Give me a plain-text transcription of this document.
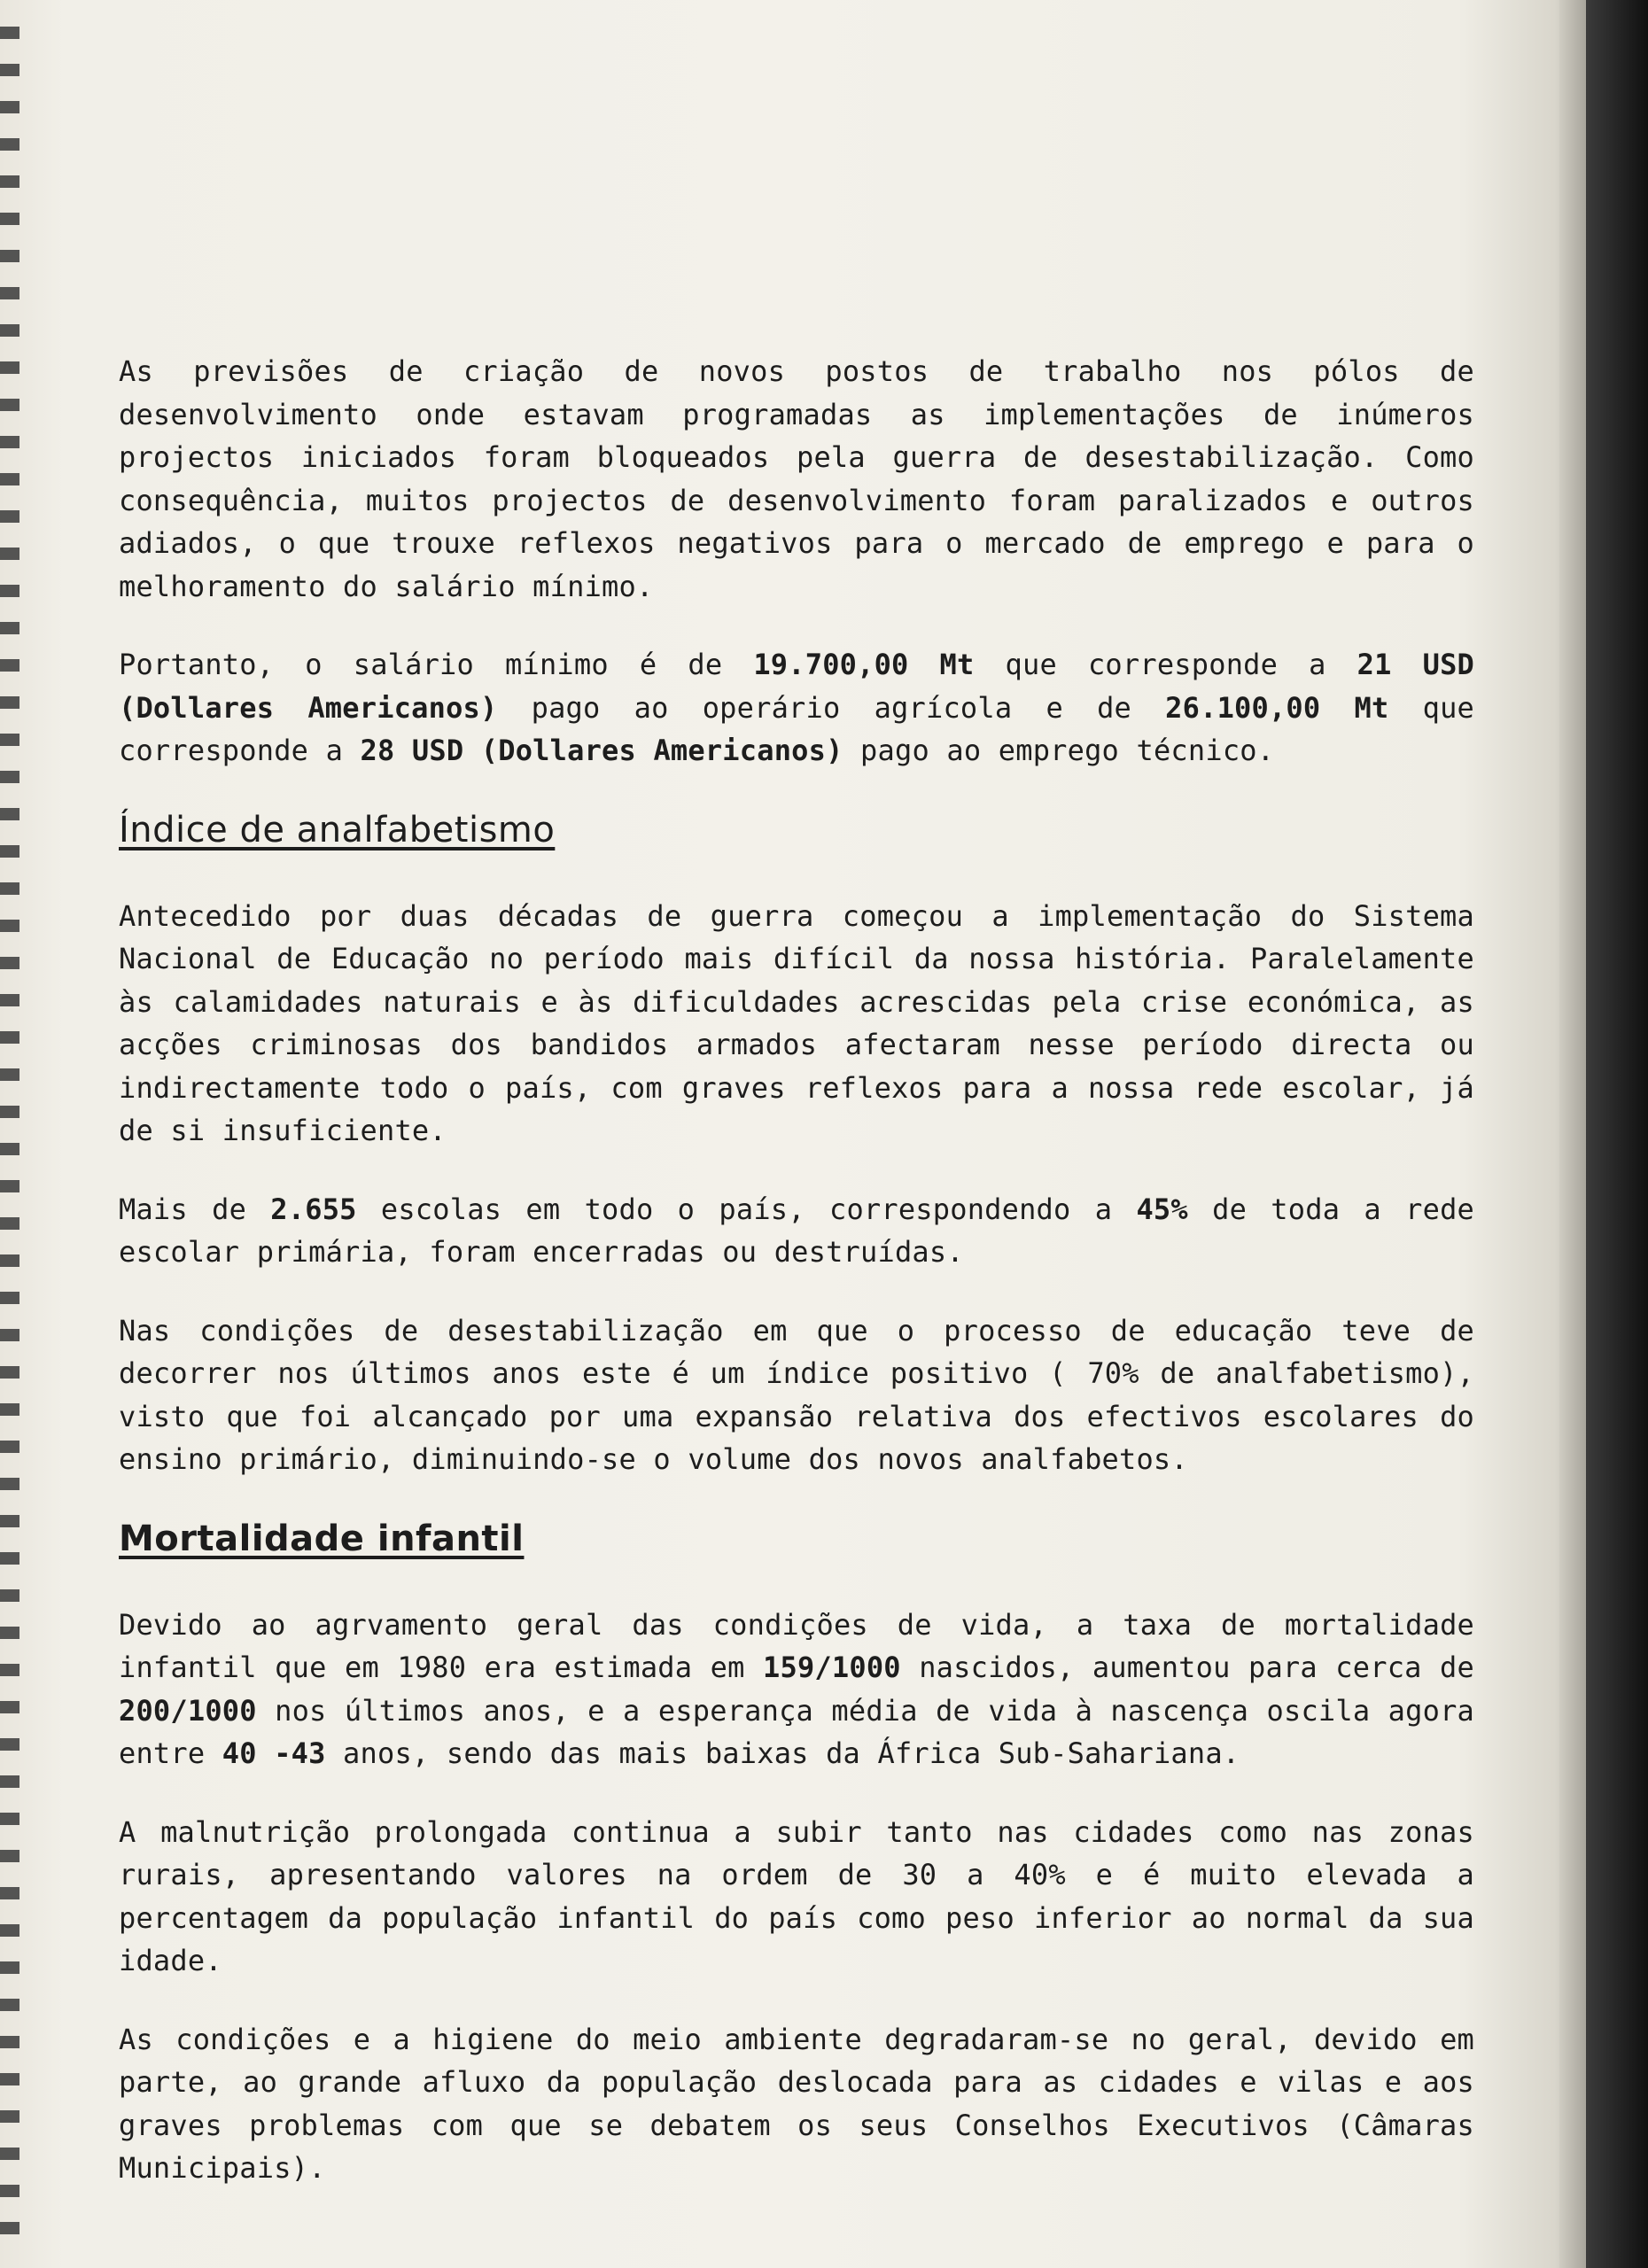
As previsões de criação de novos postos de trabalho nos pólos de desenvolvimento onde estavam programadas as implementações de inúmeros projectos iniciados foram bloqueados pela guerra de desestabilização. Como consequência, muitos projectos de desenvolvimento foram paralizados e outros adiados, o que trouxe reflexos negativos para o mercado de emprego e para o melhoramento do salário mínimo.

Portanto, o salário mínimo é de 19.700,00 Mt que corresponde a 21 USD (Dollares Americanos) pago ao operário agrícola e de 26.100,00 Mt que corresponde a 28 USD (Dollares Americanos) pago ao emprego técnico.

Índice de analfabetismo

Antecedido por duas décadas de guerra começou a implementação do Sistema Nacional de Educação no período mais difícil da nossa história. Paralelamente às calamidades naturais e às dificuldades acrescidas pela crise económica, as acções criminosas dos bandidos armados afectaram nesse período directa ou indirectamente todo o país, com graves reflexos para a nossa rede escolar, já de si insuficiente.

Mais de 2.655 escolas em todo o país, correspondendo a 45% de toda a rede escolar primária, foram encerradas ou destruídas.

Nas condições de desestabilização em que o processo de educação teve de decorrer nos últimos anos este é um índice positivo ( 70% de analfabetismo), visto que foi alcançado por uma expansão relativa dos efectivos escolares do ensino primário, diminuindo-se o volume dos novos analfabetos.

Mortalidade infantil

Devido ao agrvamento geral das condições de vida, a taxa de mortalidade infantil que em 1980 era estimada em 159/1000 nascidos, aumentou para cerca de 200/1000 nos últimos anos, e a esperança média de vida à nascença oscila agora entre 40 -43 anos, sendo das mais baixas da África Sub-Sahariana.

A malnutrição prolongada continua a subir tanto nas cidades como nas zonas rurais, apresentando valores na ordem de 30 a 40% e é muito elevada a percentagem da população infantil do país como peso inferior ao normal da sua idade.

As condições e a higiene do meio ambiente degradaram-se no geral, devido em parte, ao grande afluxo da população deslocada para as cidades e vilas e aos graves problemas com que se debatem os seus Conselhos Executivos (Câmaras Municipais).
